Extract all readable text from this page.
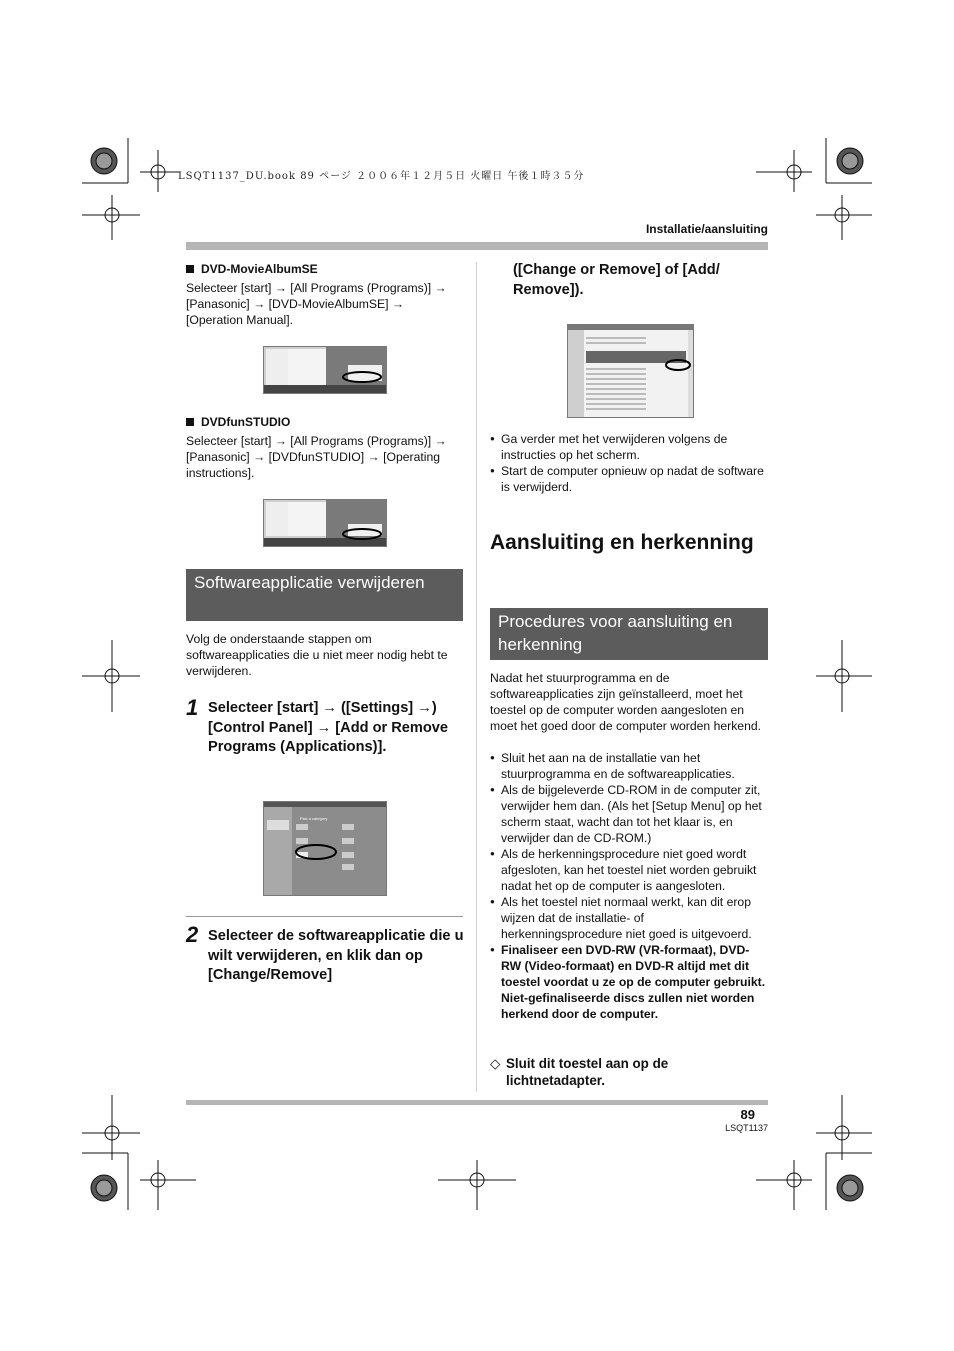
LSQT1137_DU.book 89 ページ ２００６年１２月５日 火曜日 午後１時３５分
Installatie/aansluiting
DVD-MovieAlbumSE
Selecteer [start] → [All Programs (Programs)] → [Panasonic] → [DVD-MovieAlbumSE] → [Operation Manual].
DVDfunSTUDIO
Selecteer [start] → [All Programs (Programs)] → [Panasonic] → [DVDfunSTUDIO] → [Operating instructions].
Softwareapplicatie verwijderen
Volg de onderstaande stappen om softwareapplicaties die u niet meer nodig hebt te verwijderen.
1 Selecteer [start] → ([Settings] →) [Control Panel] → [Add or Remove Programs (Applications)].
Pick a category
2 Selecteer de softwareapplicatie die u wilt verwijderen, en klik dan op [Change/Remove]
([Change or Remove] of [Add/ Remove]).
● Ga verder met het verwijderen volgens de instructies op het scherm.
● Start de computer opnieuw op nadat de software is verwijderd.
Aansluiting en herkenning
Procedures voor aansluiting en herkenning
Nadat het stuurprogramma en de softwareapplicaties zijn geïnstalleerd, moet het toestel op de computer worden aangesloten en moet het goed door de computer worden herkend.
● Sluit het aan na de installatie van het stuurprogramma en de softwareapplicaties.
● Als de bijgeleverde CD-ROM in de computer zit, verwijder hem dan. (Als het [Setup Menu] op het scherm staat, wacht dan tot het klaar is, en verwijder dan de CD-ROM.)
● Als de herkenningsprocedure niet goed wordt afgesloten, kan het toestel niet worden gebruikt nadat het op de computer is aangesloten.
● Als het toestel niet normaal werkt, kan dit erop wijzen dat de installatie- of herkenningsprocedure niet goed is uitgevoerd.
● Finaliseer een DVD-RW (VR-formaat), DVD-RW (Video-formaat) en DVD-R altijd met dit toestel voordat u ze op de computer gebruikt. Niet-gefinaliseerde discs zullen niet worden herkend door de computer.
◇ Sluit dit toestel aan op de lichtnetadapter.
89
LSQT1137
